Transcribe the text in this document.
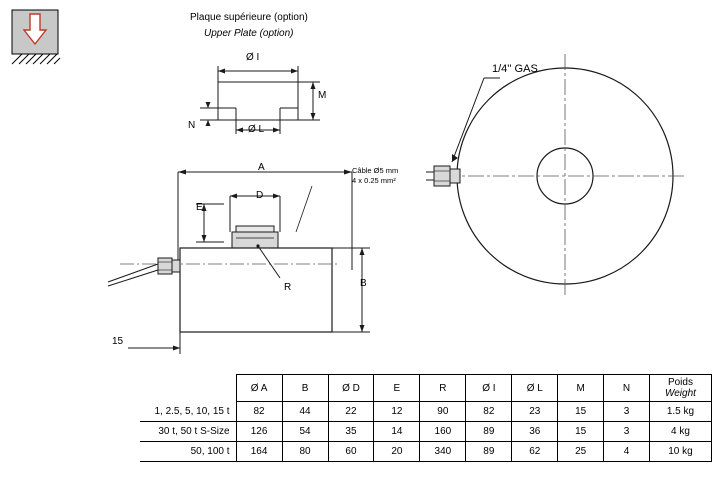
Plaque supérieure (option)
Upper Plate (option)
Ø I
M
N	Ø L
A
D
E
B
R
15
Câble Ø5 mm
4 x 0.25 mm²
1/4'' GAS
	Ø A	B	Ø D	E	R	Ø I	Ø L	M	N	Poids
Weight
1, 2.5, 5, 10, 15 t	82	44	22	12	90	82	23	15	3	1.5 kg
30 t, 50 t S-Size	126	54	35	14	160	89	36	15	3	4 kg
50, 100 t	164	80	60	20	340	89	62	25	4	10 kg
